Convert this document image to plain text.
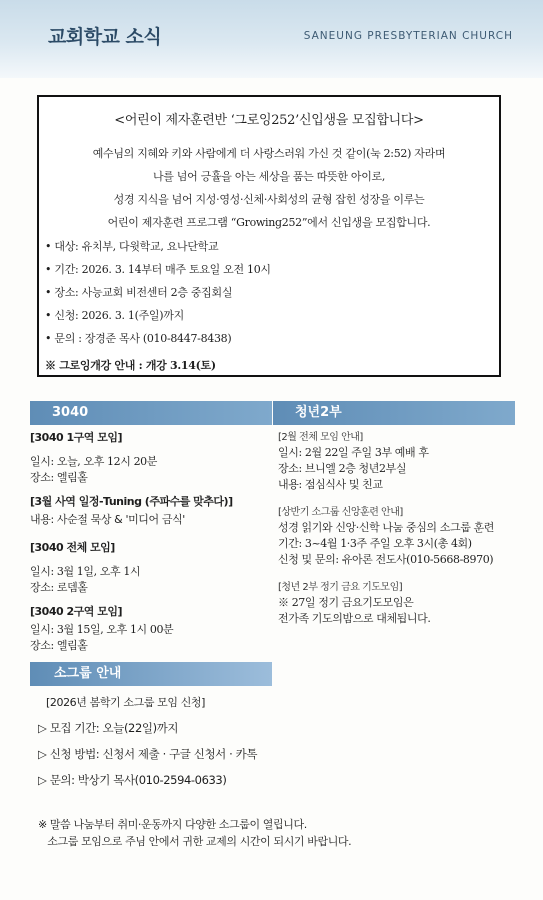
교회학교 소식	SANEUNG PRESBYTERIAN CHURCH
<어린이 제자훈련반 ‘그로잉252’신입생을 모집합니다>
예수님의 지혜와 키와 사람에게 더 사랑스러워 가신 것 같이(눅 2:52) 자라며
나를 넘어 긍휼을 아는 세상을 품는 따뜻한 아이로,
성경 지식을 넘어 지성·영성·신체·사회성의 균형 잡힌 성장을 이루는
어린이 제자훈련 프로그램 “Growing252”에서 신입생을 모집합니다.
• 대상: 유치부, 다윗학교, 요나단학교
• 기간: 2026. 3. 14부터 매주 토요일 오전 10시
• 장소: 사능교회 비전센터 2층 중집회실
• 신청: 2026. 3. 1(주일)까지
• 문의 : 장경준 목사 (010-8447-8438)
※ 그로잉개강 안내 : 개강 3.14(토)
3040	청년2부
[3040 1구역 모임]
일시: 오늘, 오후 12시 20분
장소: 엘림홀
[3월 사역 일정-Tuning (주파수를 맞추다)]
내용: 사순절 묵상 & '미디어 금식'
[3040 전체 모임]
일시: 3월 1일, 오후 1시
장소: 로뎀홀
[3040 2구역 모임]
일시: 3월 15일, 오후 1시 00분
장소: 엘림홀
[2월 전체 모임 안내]
일시: 2월 22일 주일 3부 예배 후
장소: 브니엘 2층 청년2부실
내용: 점심식사 및 친교
[상반기 소그룹 신앙훈련 안내]
성경 읽기와 신앙·신학 나눔 중심의 소그룹 훈련
기간: 3~4월 1·3주 주일 오후 3시(총 4회)
신청 및 문의: 유아론 전도사(010-5668-8970)
[청년 2부 정기 금요 기도모임]
※ 27일 정기 금요기도모임은
전가족 기도의밤으로 대체됩니다.
소그룹 안내
[2026년 봄학기 소그룹 모임 신청]
▷ 모집 기간: 오늘(22일)까지
▷ 신청 방법: 신청서 제출 · 구글 신청서 · 카톡
▷ 문의: 박상기 목사(010-2594-0633)
※ 말씀 나눔부터 취미·운동까지 다양한 소그룹이 열립니다.
소그룹 모임으로 주님 안에서 귀한 교제의 시간이 되시기 바랍니다.
